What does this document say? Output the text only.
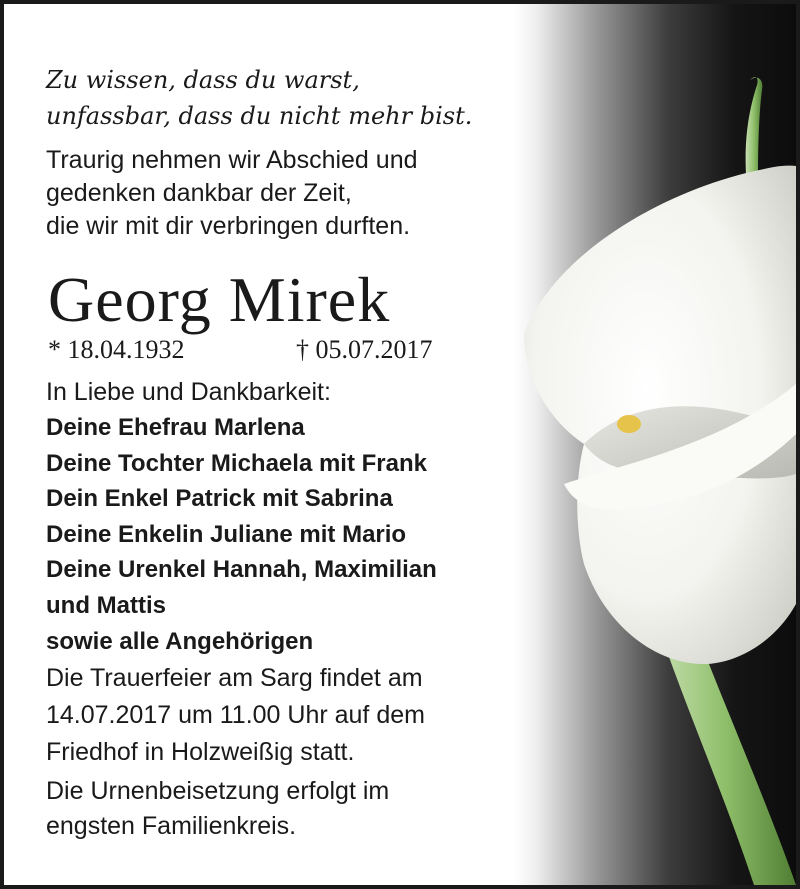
Zu wissen, dass du warst,
unfassbar, dass du nicht mehr bist.
Traurig nehmen wir Abschied und
gedenken dankbar der Zeit,
die wir mit dir verbringen durften.
Georg Mirek
* 18.04.1932	† 05.07.2017
In Liebe und Dankbarkeit:
Deine Ehefrau Marlena
Deine Tochter Michaela mit Frank
Dein Enkel Patrick mit Sabrina
Deine Enkelin Juliane mit Mario
Deine Urenkel Hannah, Maximilian
und Mattis
sowie alle Angehörigen
Die Trauerfeier am Sarg findet am
14.07.2017 um 11.00 Uhr auf dem
Friedhof in Holzweißig statt.
Die Urnenbeisetzung erfolgt im
engsten Familienkreis.
